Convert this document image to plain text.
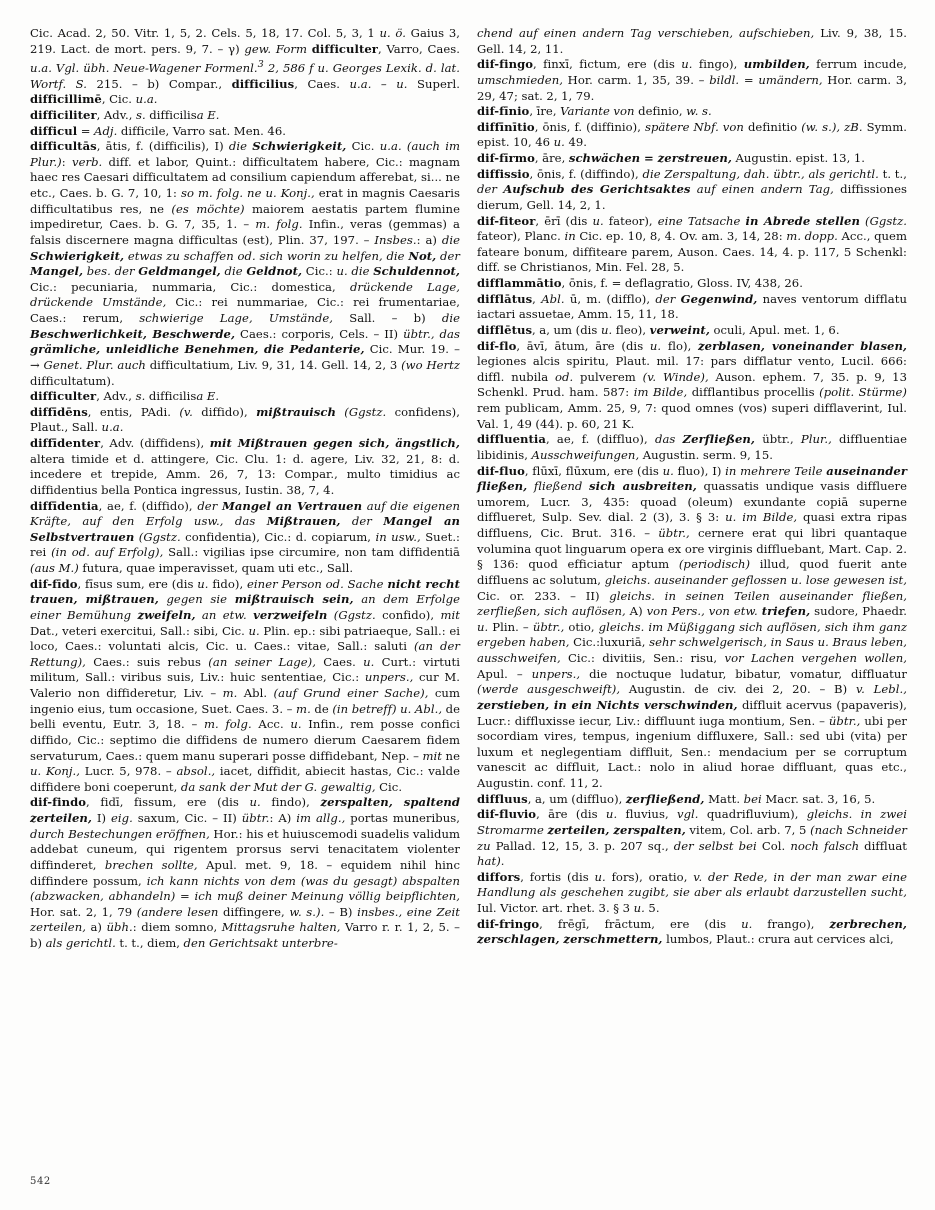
Cic. Acad. 2, 50. Vitr. 1, 5, 2. Cels. 5, 18, 17. Col. 5, 3, 1 u. ö. Gaius 3, 219. Lact. de mort. pers. 9, 7. – γ) gew. Form difficulter, Varro, Caes. u.a. Vgl. übh. Neue-Wagener Formenl.$^3$ 2, 586 f u. Georges Lexik. d. lat. Wortf. S. 215. – b) Compar., difficilius, Caes. u.a. – u. Superl. difficillimē, Cic. u.a.

difficiliter, Adv., s. difficilisa E.

difficul = Adj. difficile, Varro sat. Men. 46.

difficultās, ātis, f. (difficilis), I) die Schwierigkeit, Cic. u.a. (auch im Plur.): verb. diff. et labor, Quint.: difficultatem habere, Cic.: magnam haec res Caesari difficultatem ad consilium capiendum afferebat, si... ne etc., Caes. b. G. 7, 10, 1: so m. folg. ne u. Konj., erat in magnis Caesaris difficultatibus res, ne (es möchte) maiorem aestatis partem flumine impediretur, Caes. b. G. 7, 35, 1. – m. folg. Infin., veras (gemmas) a falsis discernere magna difficultas (est), Plin. 37, 197. – Insbes.: a) die Schwierigkeit, etwas zu schaffen od. sich worin zu helfen, die Not, der Mangel, bes. der Geldmangel, die Geldnot, Cic.: u. die Schuldennot, Cic.: pecuniaria, nummaria, Cic.: domestica, drückende Lage, drückende Umstände, Cic.: rei nummariae, Cic.: rei frumentariae, Caes.: rerum, schwierige Lage, Umstände, Sall. – b) die Beschwerlichkeit, Beschwerde, Caes.: corporis, Cels. – II) übtr., das grämliche, unleidliche Benehmen, die Pedanterie, Cic. Mur. 19. – → Genet. Plur. auch difficultatium, Liv. 9, 31, 14. Gell. 14, 2, 3 (wo Hertz difficultatum).

difficulter, Adv., s. difficilisa E.

diffīdēns, entis, PAdi. (v. diffido), mißtrauisch (Ggstz. confidens), Plaut., Sall. u.a.

diffīdenter, Adv. (diffidens), mit Mißtrauen gegen sich, ängstlich, altera timide et d. attingere, Cic. Clu. 1: d. agere, Liv. 32, 21, 8: d. incedere et trepide, Amm. 26, 7, 13: Compar., multo timidius ac diffidentius bella Pontica ingressus, Iustin. 38, 7, 4.

diffīdentia, ae, f. (diffido), der Mangel an Vertrauen auf die eigenen Kräfte, auf den Erfolg usw., das Mißtrauen, der Mangel an Selbstvertrauen (Ggstz. confidentia), Cic.: d. copiarum, in usw., Suet.: rei (in od. auf Erfolg), Sall.: vigilias ipse circumire, non tam diffidentiā (aus M.) futura, quae imperavisset, quam uti etc., Sall.

dif-fīdo, fīsus sum, ere (dis u. fido), einer Person od. Sache nicht recht trauen, mißtrauen, gegen sie mißtrauisch sein, an dem Erfolge einer Bemühung zweifeln, an etw. verzweifeln (Ggstz. confido), mit Dat., veteri exercitui, Sall.: sibi, Cic. u. Plin. ep.: sibi patriaeque, Sall.: ei loco, Caes.: voluntati alcis, Cic. u. Caes.: vitae, Sall.: saluti (an der Rettung), Caes.: suis rebus (an seiner Lage), Caes. u. Curt.: virtuti militum, Sall.: viribus suis, Liv.: huic sententiae, Cic.: unpers., cur M. Valerio non diffideretur, Liv. – m. Abl. (auf Grund einer Sache), cum ingenio eius, tum occasione, Suet. Caes. 3. – m. de (in betreff) u. Abl., de belli eventu, Eutr. 3, 18. – m. folg. Acc. u. Infin., rem posse confici diffido, Cic.: septimo die diffidens de numero dierum Caesarem fidem servaturum, Caes.: quem manu superari posse diffidebant, Nep. – mit ne u. Konj., Lucr. 5, 978. – absol., iacet, diffidit, abiecit hastas, Cic.: valde diffidere boni coeperunt, da sank der Mut der G. gewaltig, Cic.

dif-findo, fidī, fissum, ere (dis u. findo), zerspalten, spaltend zerteilen, I) eig. saxum, Cic. – II) übtr.: A) im allg., portas muneribus, durch Bestechungen eröffnen, Hor.: his et huiuscemodi suadelis validum addebat cuneum, qui rigentem prorsus servi tenacitatem violenter diffinderet, brechen sollte, Apul. met. 9, 18. – equidem nihil hinc diffindere possum, ich kann nichts von dem (was du gesagt) abspalten (abzwacken, abhandeln) = ich muß deiner Meinung völlig beipflichten, Hor. sat. 2, 1, 79 (andere lesen diffingere, w. s.). – B) insbes., eine Zeit zerteilen, a) übh.: diem somno, Mittagsruhe halten, Varro r. r. 1, 2, 5. – b) als gerichtl. t. t., diem, den Gerichtsakt unterbre-

chend auf einen andern Tag verschieben, aufschieben, Liv. 9, 38, 15. Gell. 14, 2, 11.

dif-fingo, finxī, fictum, ere (dis u. fingo), umbilden, ferrum incude, umschmieden, Hor. carm. 1, 35, 39. – bildl. = umändern, Hor. carm. 3, 29, 47; sat. 2, 1, 79.

dif-fīnio, īre, Variante von definio, w. s.

diffīnītio, ōnis, f. (diffinio), spätere Nbf. von definitio (w. s.), zB. Symm. epist. 10, 46 u. 49.

dif-fīrmo, āre, schwächen = zerstreuen, Augustin. epist. 13, 1.

diffissio, ōnis, f. (diffindo), die Zerspaltung, dah. übtr., als gerichtl. t. t., der Aufschub des Gerichtsaktes auf einen andern Tag, diffissiones dierum, Gell. 14, 2, 1.

dif-fiteor, ērī (dis u. fateor), eine Tatsache in Abrede stellen (Ggstz. fateor), Planc. in Cic. ep. 10, 8, 4. Ov. am. 3, 14, 28: m. dopp. Acc., quem fateare bonum, diffiteare parem, Auson. Caes. 14, 4. p. 117, 5 Schenkl: diff. se Christianos, Min. Fel. 28, 5.

difflammātio, ōnis, f. = deflagratio, Gloss. IV, 438, 26.

difflātus, Abl. ū, m. (difflo), der Gegenwind, naves ventorum difflatu iactari assuetae, Amm. 15, 11, 18.

difflētus, a, um (dis u. fleo), verweint, oculi, Apul. met. 1, 6.

dif-flo, āvī, ātum, āre (dis u. flo), zerblasen, voneinander blasen, legiones alcis spiritu, Plaut. mil. 17: pars difflatur vento, Lucil. 666: diffl. nubila od. pulverem (v. Winde), Auson. ephem. 7, 35. p. 9, 13 Schenkl. Prud. ham. 587: im Bilde, difflantibus procellis (polit. Stürme) rem publicam, Amm. 25, 9, 7: quod omnes (vos) superi difflaverint, Iul. Val. 1, 49 (44). p. 60, 21 K.

diffluentia, ae, f. (diffluo), das Zerfließen, übtr., Plur., diffluentiae libidinis, Ausschweifungen, Augustin. serm. 9, 15.

dif-fluo, flūxī, flūxum, ere (dis u. fluo), I) in mehrere Teile auseinander fließen, fließend sich ausbreiten, quassatis undique vasis diffluere umorem, Lucr. 3, 435: quoad (oleum) exundante copiā superne difflueret, Sulp. Sev. dial. 2 (3), 3. § 3: u. im Bilde, quasi extra ripas diffluens, Cic. Brut. 316. – übtr., cernere erat qui libri quantaque volumina quot linguarum opera ex ore virginis diffluebant, Mart. Cap. 2. § 136: quod efficiatur aptum (periodisch) illud, quod fuerit ante diffluens ac solutum, gleichs. auseinander geflossen u. lose gewesen ist, Cic. or. 233. – II) gleichs. in seinen Teilen auseinander fließen, zerfließen, sich auflösen, A) von Pers., von etw. triefen, sudore, Phaedr. u. Plin. – übtr., otio, gleichs. im Müßiggang sich auflösen, sich ihm ganz ergeben haben, Cic.:luxuriā, sehr schwelgerisch, in Saus u. Braus leben, ausschweifen, Cic.: divitiis, Sen.: risu, vor Lachen vergehen wollen, Apul. – unpers., die noctuque ludatur, bibatur, vomatur, diffluatur (werde ausgeschweift), Augustin. de civ. dei 2, 20. – B) v. Lebl., zerstieben, in ein Nichts verschwinden, diffluit acervus (papaveris), Lucr.: diffluxisse iecur, Liv.: diffluunt iuga montium, Sen. – übtr., ubi per socordiam vires, tempus, ingenium diffluxere, Sall.: sed ubi (vita) per luxum et neglegentiam diffluit, Sen.: mendacium per se corruptum vanescit ac diffluit, Lact.: nolo in aliud horae diffluant, quas etc., Augustin. conf. 11, 2.

diffluus, a, um (diffluo), zerfließend, Matt. bei Macr. sat. 3, 16, 5.

dif-fluvio, āre (dis u. fluvius, vgl. quadrifluvium), gleichs. in zwei Stromarme zerteilen, zerspalten, vitem, Col. arb. 7, 5 (nach Schneider zu Pallad. 12, 15, 3. p. 207 sq., der selbst bei Col. noch falsch diffluat hat).

diffors, fortis (dis u. fors), oratio, v. der Rede, in der man zwar eine Handlung als geschehen zugibt, sie aber als erlaubt darzustellen sucht, Iul. Victor. art. rhet. 3. § 3 u. 5.

dif-fringo, frēgī, frāctum, ere (dis u. frango), zerbrechen, zerschlagen, zerschmettern, lumbos, Plaut.: crura aut cervices alci,

542
